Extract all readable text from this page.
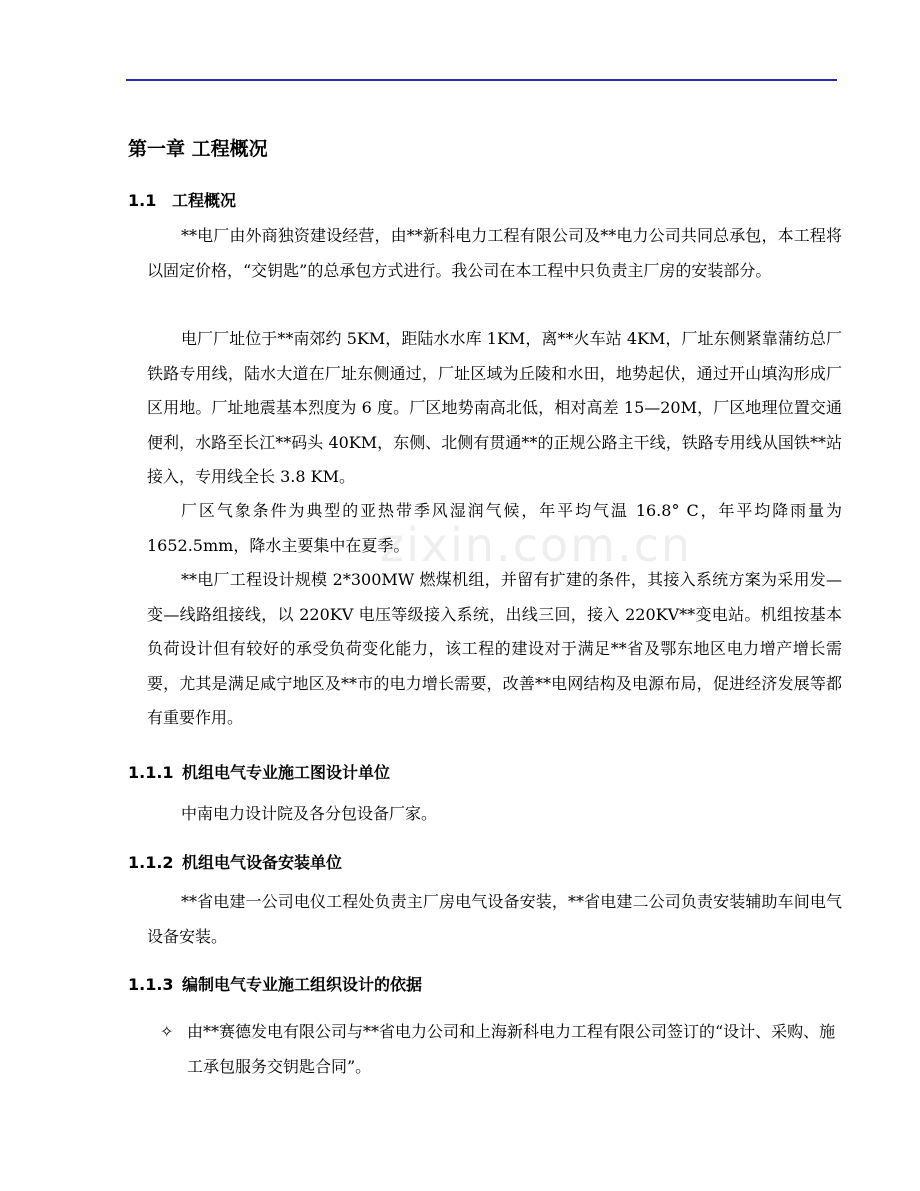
zixin.com.cn
第一章 工程概况
1.1 工程概况
**电厂由外商独资建设经营，由**新科电力工程有限公司及**电力公司共同总承包，本工程将以固定价格，“交钥匙”的总承包方式进行。我公司在本工程中只负责主厂房的安装部分。
电厂厂址位于**南郊约 5KM，距陆水水库 1KM，离**火车站 4KM，厂址东侧紧靠蒲纺总厂铁路专用线，陆水大道在厂址东侧通过，厂址区域为丘陵和水田，地势起伏，通过开山填沟形成厂区用地。厂址地震基本烈度为 6 度。厂区地势南高北低，相对高差 15—20M，厂区地理位置交通便利，水路至长江**码头 40KM，东侧、北侧有贯通**的正规公路主干线，铁路专用线从国铁**站接入，专用线全长 3.8 KM。
厂区气象条件为典型的亚热带季风湿润气候，年平均气温 16.8° C，年平均降雨量为 1652.5mm，降水主要集中在夏季。
**电厂工程设计规模 2*300MW 燃煤机组，并留有扩建的条件，其接入系统方案为采用发—变—线路组接线，以 220KV 电压等级接入系统，出线三回，接入 220KV**变电站。机组按基本负荷设计但有较好的承受负荷变化能力，该工程的建设对于满足**省及鄂东地区电力增产增长需要，尤其是满足咸宁地区及**市的电力增长需要，改善**电网结构及电源布局，促进经济发展等都有重要作用。
1.1.1 机组电气专业施工图设计单位
中南电力设计院及各分包设备厂家。
1.1.2 机组电气设备安装单位
**省电建一公司电仪工程处负责主厂房电气设备安装，**省电建二公司负责安装辅助车间电气设备安装。
1.1.3 编制电气专业施工组织设计的依据
✧ 由**赛德发电有限公司与**省电力公司和上海新科电力工程有限公司签订的“设计、采购、施工承包服务交钥匙合同”。
